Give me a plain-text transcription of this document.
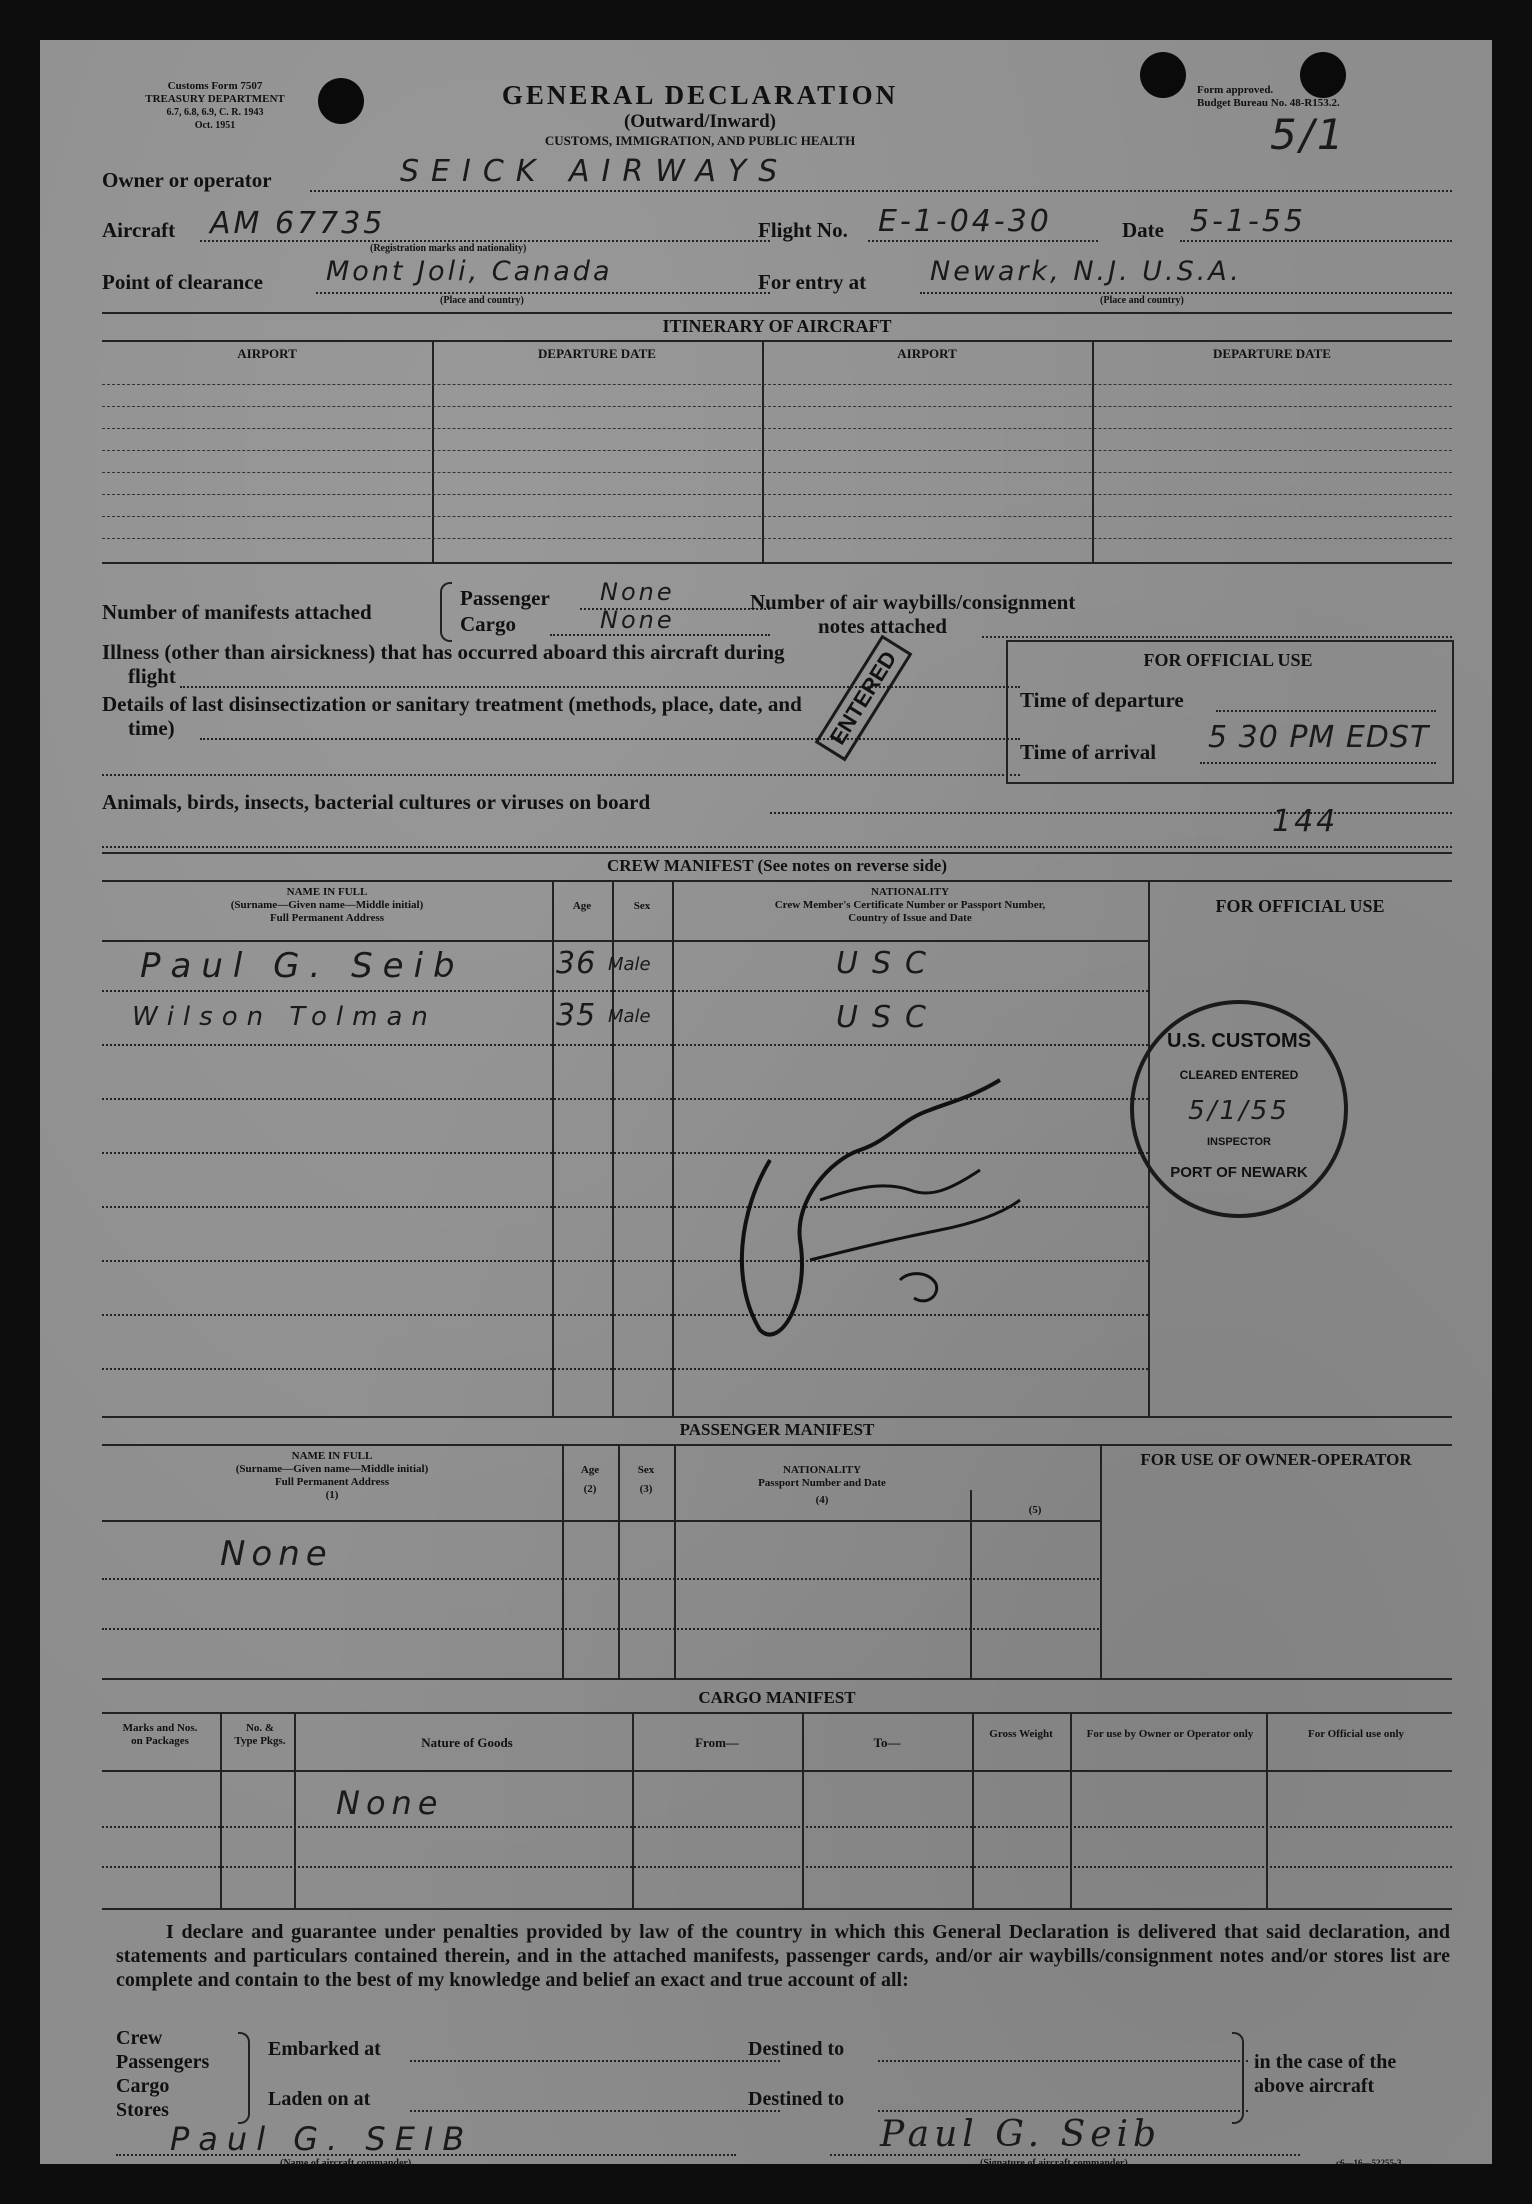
Customs Form 7507
TREASURY DEPARTMENT
6.7, 6.8, 6.9, C. R. 1943
Oct. 1951
GENERAL DECLARATION
(Outward/Inward)
CUSTOMS, IMMIGRATION, AND PUBLIC HEALTH
Form approved.
Budget Bureau No. 48-R153.2.
5/1
Owner or operator	SEICK AIRWAYS
Aircraft AM 67735
(Registration marks and nationality)
Flight No. E-1-04-30	Date 5-1-55
Point of clearance Mont Joli, Canada
(Place and country)
For entry at Newark, N.J. U.S.A.
(Place and country)
ITINERARY OF AIRCRAFT
AIRPORT	DEPARTURE DATE	AIRPORT	DEPARTURE DATE
Number of manifests attached
Passenger None
Cargo	None
Number of air waybills/consignment
notes attached
Illness (other than airsickness) that has occurred aboard this aircraft during
flight
Details of last disinsectization or sanitary treatment (methods, place, date, and
time)	ENTERED	FOR OFFICIAL USE
Time of departure
Time of arrival 5 30 PM EDST
Animals, birds, insects, bacterial cultures or viruses on board
144
CREW MANIFEST (See notes on reverse side)
NAME IN FULL
(Surname—Given name—Middle initial)
Full Permanent Address
Age	Sex
NATIONALITY
Crew Member's Certificate Number or Passport Number,
Country of Issue and Date
FOR OFFICIAL USE
Paul G. Seib	36 Male	USC
Wilson Tolman	35 Male	USC
U.S. CUSTOMS
CLEARED ENTERED
5/1/55
INSPECTOR
PORT OF NEWARK
PASSENGER MANIFEST
NAME IN FULL
(Surname—Given name—Middle initial)
Full Permanent Address
(1)
Age
(2)
Sex
(3)
NATIONALITY
Passport Number and Date
(4)
(5)
FOR USE OF OWNER-OPERATOR
None
CARGO MANIFEST
Marks and Nos. on Packages
No. & Type Pkgs.	Nature of Goods	From—	To—
Gross Weight	For use by Owner or Operator only	For Official use only
None
I declare and guarantee under penalties provided by law of the country in which this General Declaration is delivered that said declaration, and statements and particulars contained therein, and in the attached manifests, passenger cards, and/or air waybills/consignment notes and/or stores list are complete and contain to the best of my knowledge and belief an exact and true account of all:
Crew
Passengers
Cargo
Stores
Embarked at
Laden on at
Destined to
Destined to
in the case of the
above aircraft
Paul G. SEIB
(Name of aircraft commander)
Paul G. Seib
(Signature of aircraft commander)	c6—16—52255-3
